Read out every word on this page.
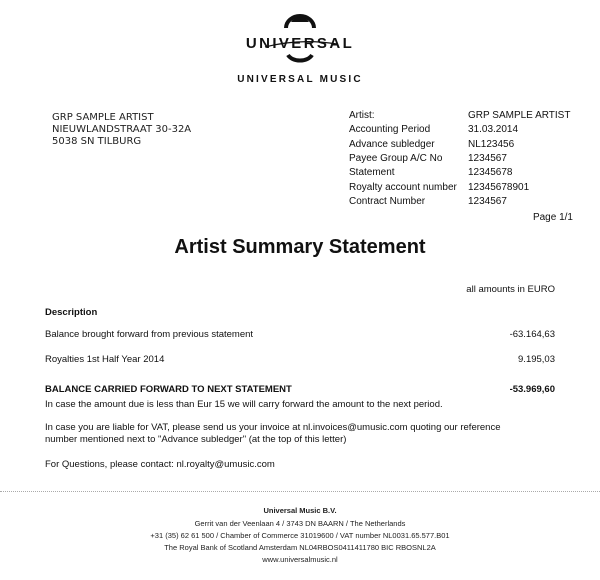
UNIVERSAL
UNIVERSAL MUSIC
GRP SAMPLE ARTIST
NIEUWLANDSTRAAT 30-32A
5038 SN TILBURG
Artist:	GRP SAMPLE ARTIST
Accounting Period	31.03.2014
Advance subledger	NL123456
Payee Group A/C No	1234567
Statement	12345678
Royalty account number 12345678901
Contract Number	1234567
Page 1/1
Artist Summary Statement
all amounts in EURO
Description
Balance brought forward from previous statement	-63.164,63
Royalties 1st Half Year 2014	9.195,03
BALANCE CARRIED FORWARD TO NEXT STATEMENT	-53.969,60
In case the amount due is less than Eur 15 we will carry forward the amount to the next period.
In case you are liable for VAT, please send us your invoice at nl.invoices@umusic.com quoting our reference
number mentioned next to "Advance subledger" (at the top of this letter)
For Questions, please contact: nl.royalty@umusic.com
Universal Music B.V.
Gerrit van der Veenlaan 4 / 3743 DN BAARN / The Netherlands
+31 (35) 62 61 500 / Chamber of Commerce 31019600 / VAT number NL0031.65.577.B01
The Royal Bank of Scotland Amsterdam NL04RBOS0411411780 BIC RBOSNL2A
www.universalmusic.nl
